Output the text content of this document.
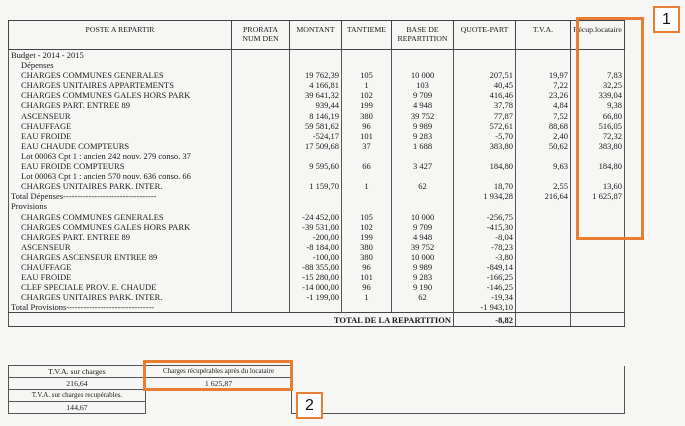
POSTE A REPARTIR	PRORATA
NUM DEN	MONTANT	TANTIEME	BASE DE
REPARTITION	QUOTE-PART	T.V.A.	Récup.locataire
Budget - 2014 - 2015							
Dépenses							
CHARGES COMMUNES GENERALES		19 762,39	105	10 000	207,51	19,97	7,83
CHARGES UNITAIRES APPARTEMENTS		4 166,81	1	103	40,45	7,22	32,25
CHARGES COMMUNES GALES HORS PARK		39 641,32	102	9 709	416,46	23,26	339,04
CHARGES PART. ENTREE 89		939,44	199	4 948	37,78	4,84	9,38
ASCENSEUR		8 146,19	380	39 752	77,87	7,52	66,80
CHAUFFAGE		59 581,62	96	9 989	572,61	88,68	516,05
EAU FROIDE		-524,17	101	9 283	-5,70	2,40	72,32
EAU CHAUDE COMPTEURS		17 509,68	37	1 688	383,80	50,62	383,80
Lot 00063 Cpt 1 : ancien 242 nouv. 279 conso. 37							
EAU FROIDE COMPTEURS		9 595,60	66	3 427	184,80	9,63	184,80
Lot 00063 Cpt 1 : ancien 570 nouv. 636 conso. 66							
CHARGES UNITAIRES PARK. INTER.		1 159,70	1	62	18,70	2,55	13,60
Total Dépenses---------------------------------					1 934,28	216,64	1 625,87
Provisions							
CHARGES COMMUNES GENERALES		-24 452,00	105	10 000	-256,75		
CHARGES COMMUNES GALES HORS PARK		-39 531,00	102	9 709	-415,30		
CHARGES PART. ENTREE 89		-200,00	199	4 948	-8,04		
ASCENSEUR		-8 184,00	380	39 752	-78,23		
CHARGES ASCENSEUR ENTREE 89		-100,00	380	10 000	-3,80		
CHAUFFAGE		-88 355,00	96	9 989	-849,14		
EAU FROIDE		-15 280,00	101	9 283	-166,25		
CLEF SPECIALE PROV. E. CHAUDE		-14 000,00	96	9 190	-146,25		
CHARGES UNITAIRES PARK. INTER.		-1 199,00	1	62	-19,34		
Total Provisions-------------------------------					-1 943,10		
TOTAL DE LA REPARTITION					-8,82		
T.V.A. sur charges	Charges récupérables après du locataire	
216,64	1 625,87	
T.V.A. sur charges recupérables.		
144,67		
1
2
